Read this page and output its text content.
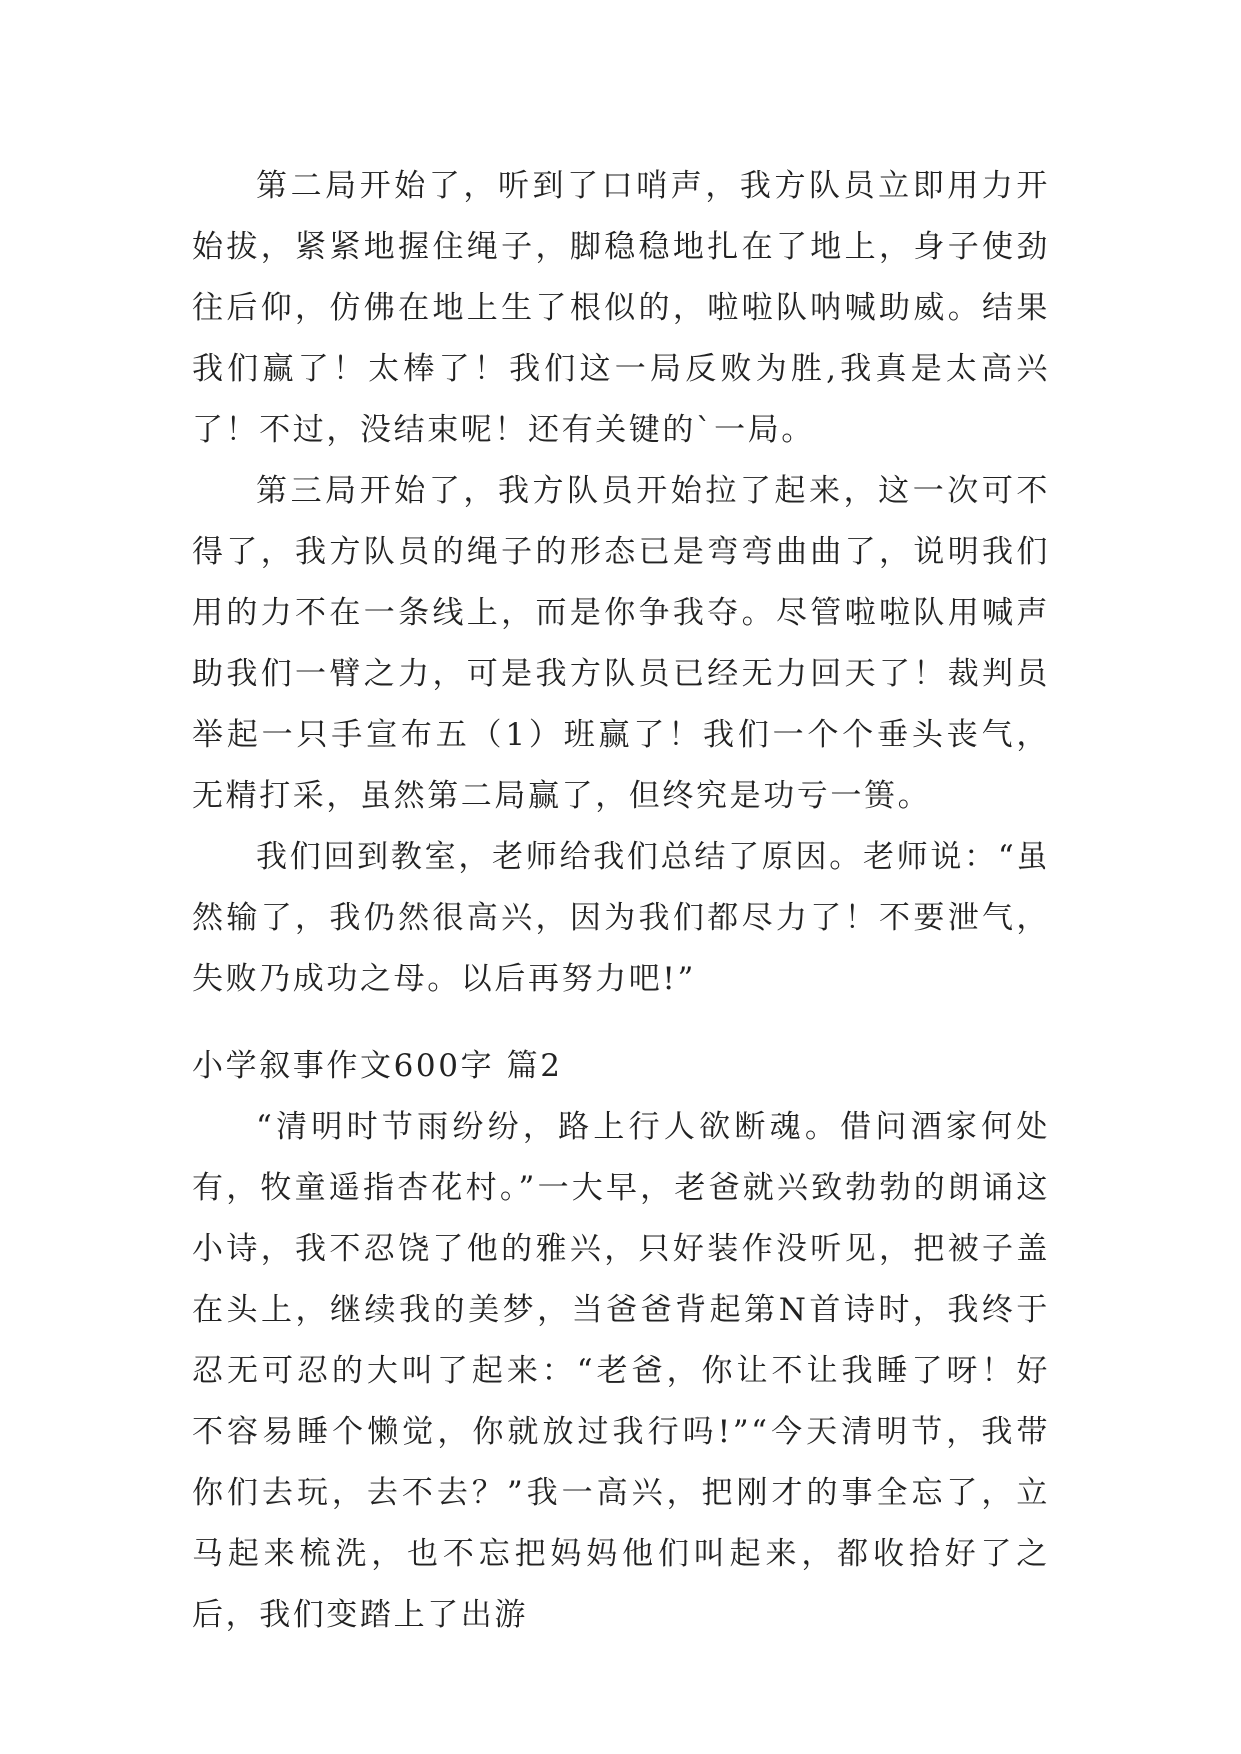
第二局开始了，听到了口哨声，我方队员立即用力开始拔，紧紧地握住绳子，脚稳稳地扎在了地上，身子使劲往后仰，仿佛在地上生了根似的，啦啦队呐喊助威。结果我们赢了！太棒了！我们这一局反败为胜,我真是太高兴了！不过，没结束呢！还有关键的`一局。

第三局开始了，我方队员开始拉了起来，这一次可不得了，我方队员的绳子的形态已是弯弯曲曲了，说明我们用的力不在一条线上，而是你争我夺。尽管啦啦队用喊声助我们一臂之力，可是我方队员已经无力回天了！裁判员举起一只手宣布五（1）班赢了！我们一个个垂头丧气，无精打采，虽然第二局赢了，但终究是功亏一篑。

我们回到教室，老师给我们总结了原因。老师说：“虽然输了，我仍然很高兴，因为我们都尽力了！不要泄气，失败乃成功之母。以后再努力吧!”

小学叙事作文600字 篇2

“清明时节雨纷纷，路上行人欲断魂。借问酒家何处有，牧童遥指杏花村。”一大早，老爸就兴致勃勃的朗诵这小诗，我不忍饶了他的雅兴，只好装作没听见，把被子盖在头上，继续我的美梦，当爸爸背起第N首诗时，我终于忍无可忍的大叫了起来：“老爸，你让不让我睡了呀！好不容易睡个懒觉，你就放过我行吗!”“今天清明节，我带你们去玩，去不去？”我一高兴，把刚才的事全忘了，立马起来梳洗，也不忘把妈妈他们叫起来，都收拾好了之后，我们变踏上了出游
